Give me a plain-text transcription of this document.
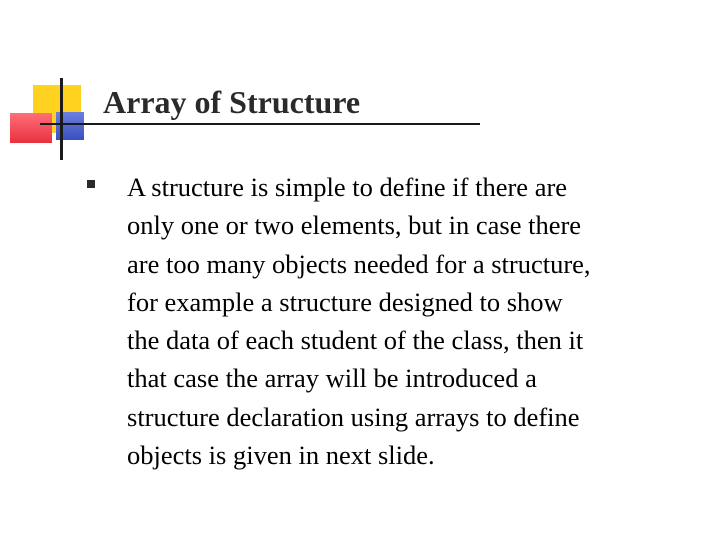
Array of Structure

A structure is simple to define if there are
only one or two elements, but in case there
are too many objects needed for a structure,
for example a structure designed to show
the data of each student of the class, then it
that case the array will be introduced a
structure declaration using arrays to define
objects is given in next slide.
